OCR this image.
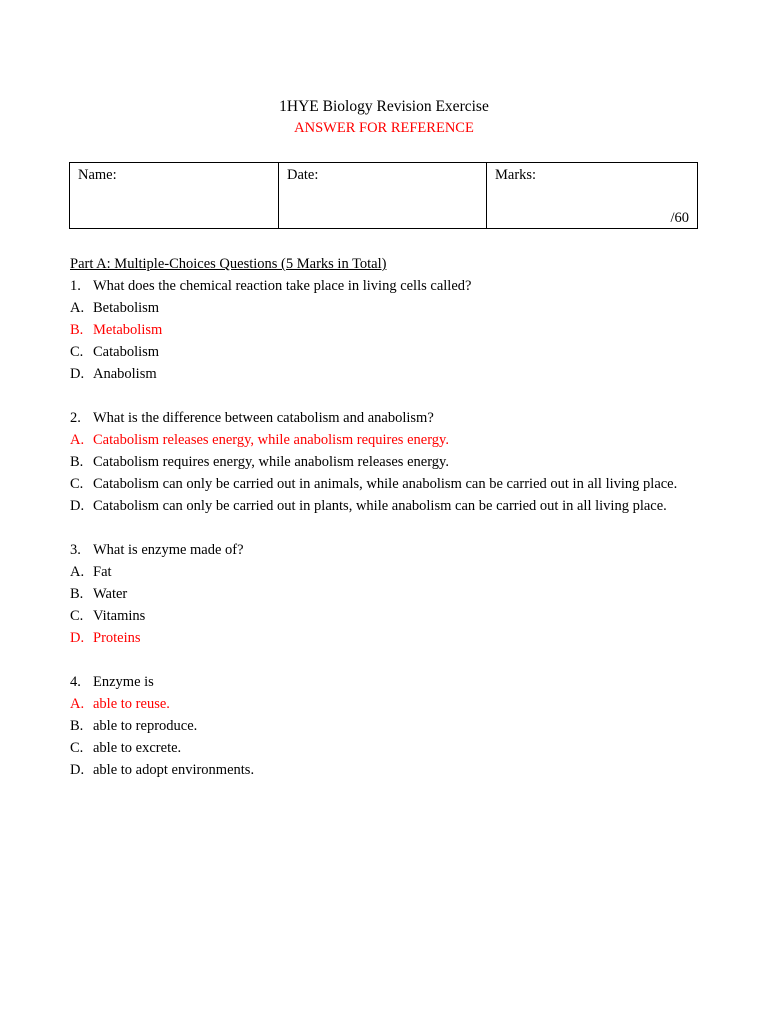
1HYE Biology Revision Exercise
ANSWER FOR REFERENCE
Name:	Date:	Marks:
/60
Part A: Multiple-Choices Questions (5 Marks in Total)
1. What does the chemical reaction take place in living cells called?
A. Betabolism
B. Metabolism
C. Catabolism
D. Anabolism
2. What is the difference between catabolism and anabolism?
A. Catabolism releases energy, while anabolism requires energy.
B. Catabolism requires energy, while anabolism releases energy.
C. Catabolism can only be carried out in animals, while anabolism can be carried out in all living place.
D. Catabolism can only be carried out in plants, while anabolism can be carried out in all living place.
3. What is enzyme made of?
A. Fat
B. Water
C. Vitamins
D. Proteins
4. Enzyme is
A. able to reuse.
B. able to reproduce.
C. able to excrete.
D. able to adopt environments.
